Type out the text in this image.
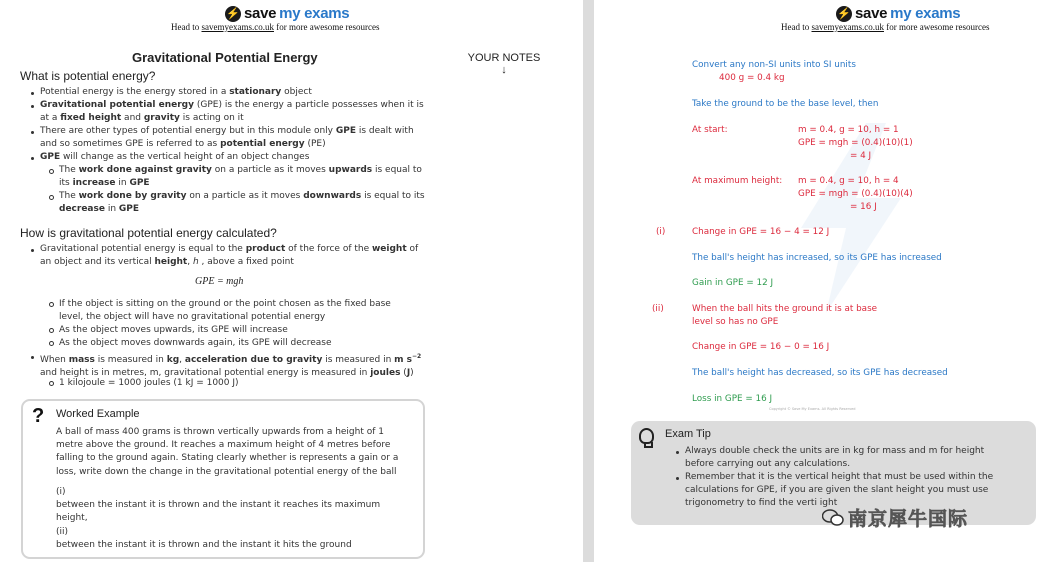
⚡ save my exams
Head to savemyexams.co.uk for more awesome resources
Gravitational Potential Energy	YOUR NOTES
↓
What is potential energy?
Potential energy is the energy stored in a stationary object
Gravitational potential energy (GPE) is the energy a particle possesses when it is
at a fixed height and gravity is acting on it
There are other types of potential energy but in this module only GPE is dealt with
and so sometimes GPE is referred to as potential energy (PE)
GPE will change as the vertical height of an object changes
The work done against gravity on a particle as it moves upwards is equal to
its increase in GPE
The work done by gravity on a particle as it moves downwards is equal to its
decrease in GPE
How is gravitational potential energy calculated?
Gravitational potential energy is equal to the product of the force of the weight of
an object and its vertical height, h , above a fixed point
GPE = mgh
If the object is sitting on the ground or the point chosen as the fixed base
level, the object will have no gravitational potential energy
As the object moves upwards, its GPE will increase
As the object moves downwards again, its GPE will decrease
When mass is measured in kg, acceleration due to gravity is measured in m $s^{-2}$
and height is in metres, m, gravitational potential energy is measured in joules (J)
1 kilojoule = 1000 joules (1 kJ = 1000 J)
? Worked Example
A ball of mass 400 grams is thrown vertically upwards from a height of 1
metre above the ground. It reaches a maximum height of 4 metres before
falling to the ground again. Stating clearly whether is represents a gain or a
loss, write down the change in the gravitational potential energy of the ball
(i)
between the instant it is thrown and the instant it reaches its maximum
height,
(ii)
between the instant it is thrown and the instant it hits the ground
⚡ save my exams
Head to savemyexams.co.uk for more awesome resources
Convert any non-SI units into SI units
400 g = 0.4 kg
Take the ground to be the base level, then
At start:	m = 0.4, g = 10, h = 1
GPE = mgh = (0.4)(10)(1)
= 4 J
At maximum height: m = 0.4, g = 10, h = 4
GPE = mgh = (0.4)(10)(4)
= 16 J
(i)	Change in GPE = 16 − 4 = 12 J
The ball's height has increased, so its GPE has increased
Gain in GPE = 12 J
(ii)	When the ball hits the ground it is at base
level so has no GPE
Change in GPE = 16 − 0 = 16 J
The ball's height has decreased, so its GPE has decreased
Loss in GPE = 16 J
Copyright © Save My Exams. All Rights Reserved
Exam Tip
Always double check the units are in kg for mass and m for height
before carrying out any calculations.
Remember that it is the vertical height that must be used within the
calculations for GPE, if you are given the slant height you must use
trigonometry to find the verti ight
南京犀牛国际
